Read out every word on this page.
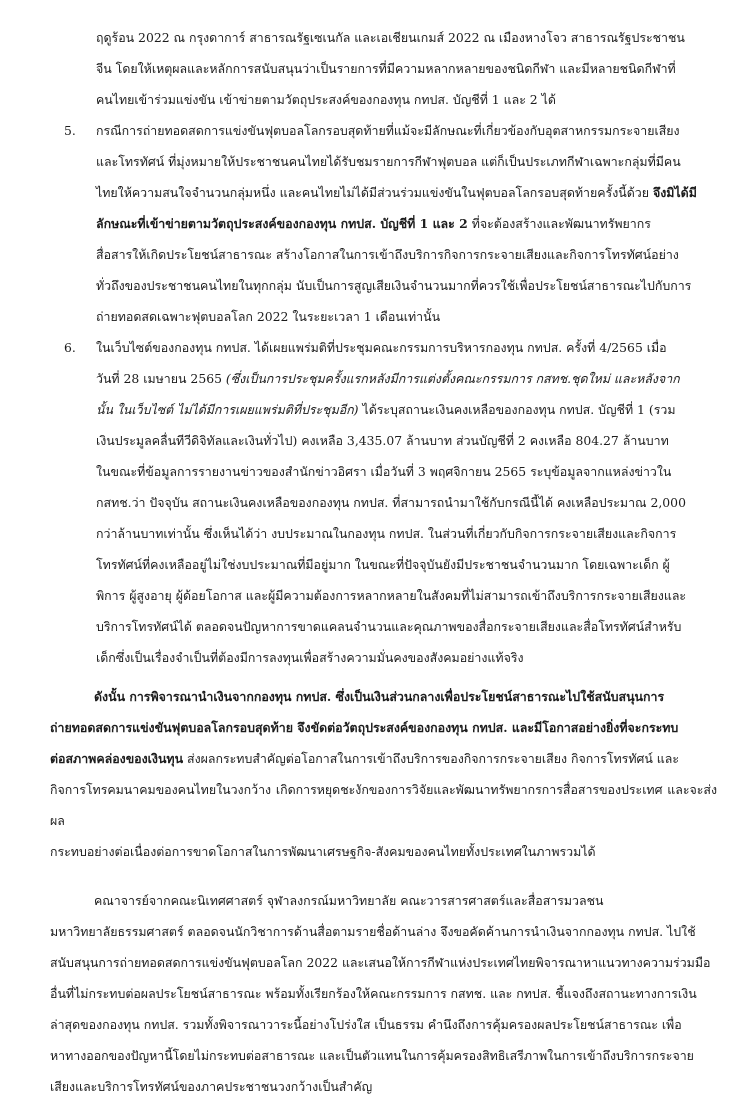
ฤดูร้อน 2022 ณ กรุงดาการ์ สาธารณรัฐเซเนกัล และเอเชียนเกมส์ 2022 ณ เมืองหางโจว สาธารณรัฐประชาชน
จีน โดยให้เหตุผลและหลักการสนับสนุนว่าเป็นรายการที่มีความหลากหลายของชนิดกีฬา และมีหลายชนิดกีฬาที่
คนไทยเข้าร่วมแข่งขัน เข้าข่ายตามวัตถุประสงค์ของกองทุน กทปส. บัญชีที่ 1 และ 2 ได้
5. กรณีการถ่ายทอดสดการแข่งขันฟุตบอลโลกรอบสุดท้ายที่แม้จะมีลักษณะที่เกี่ยวข้องกับอุตสาหกรรมกระจายเสียง
และโทรทัศน์ ที่มุ่งหมายให้ประชาชนคนไทยได้รับชมรายการกีฬาฟุตบอล แต่ก็เป็นประเภทกีฬาเฉพาะกลุ่มที่มีคน
ไทยให้ความสนใจจำนวนกลุ่มหนึ่ง และคนไทยไม่ได้มีส่วนร่วมแข่งขันในฟุตบอลโลกรอบสุดท้ายครั้งนี้ด้วย จึงมิได้มี
ลักษณะที่เข้าข่ายตามวัตถุประสงค์ของกองทุน กทปส. บัญชีที่ 1 และ 2 ที่จะต้องสร้างและพัฒนาทรัพยากร
สื่อสารให้เกิดประโยชน์สาธารณะ สร้างโอกาสในการเข้าถึงบริการกิจการกระจายเสียงและกิจการโทรทัศน์อย่าง
ทั่วถึงของประชาชนคนไทยในทุกกลุ่ม นับเป็นการสูญเสียเงินจำนวนมากที่ควรใช้เพื่อประโยชน์สาธารณะไปกับการ
ถ่ายทอดสดเฉพาะฟุตบอลโลก 2022 ในระยะเวลา 1 เดือนเท่านั้น
6. ในเว็บไซต์ของกองทุน กทปส. ได้เผยแพร่มติที่ประชุมคณะกรรมการบริหารกองทุน กทปส. ครั้งที่ 4/2565 เมื่อ
วันที่ 28 เมษายน 2565 (ซึ่งเป็นการประชุมครั้งแรกหลังมีการแต่งตั้งคณะกรรมการ กสทช.ชุดใหม่ และหลังจาก
นั้น ในเว็บไซต์ ไม่ได้มีการเผยแพร่มติที่ประชุมอีก) ได้ระบุสถานะเงินคงเหลือของกองทุน กทปส. บัญชีที่ 1 (รวม
เงินประมูลคลื่นทีวีดิจิทัลและเงินทั่วไป) คงเหลือ 3,435.07 ล้านบาท ส่วนบัญชีที่ 2 คงเหลือ 804.27 ล้านบาท
ในขณะที่ข้อมูลการรายงานข่าวของสำนักข่าวอิศรา เมื่อวันที่ 3 พฤศจิกายน 2565 ระบุข้อมูลจากแหล่งข่าวใน
กสทช.ว่า ปัจจุบัน สถานะเงินคงเหลือของกองทุน กทปส. ที่สามารถนำมาใช้กับกรณีนี้ได้ คงเหลือประมาณ 2,000
กว่าล้านบาทเท่านั้น ซึ่งเห็นได้ว่า งบประมาณในกองทุน กทปส. ในส่วนที่เกี่ยวกับกิจการกระจายเสียงและกิจการ
โทรทัศน์ที่คงเหลืออยู่ไม่ใช่งบประมาณที่มีอยู่มาก ในขณะที่ปัจจุบันยังมีประชาชนจำนวนมาก โดยเฉพาะเด็ก ผู้
พิการ ผู้สูงอายุ ผู้ด้อยโอกาส และผู้มีความต้องการหลากหลายในสังคมที่ไม่สามารถเข้าถึงบริการกระจายเสียงและ
บริการโทรทัศน์ได้ ตลอดจนปัญหาการขาดแคลนจำนวนและคุณภาพของสื่อกระจายเสียงและสื่อโทรทัศน์สำหรับ
เด็กซึ่งเป็นเรื่องจำเป็นที่ต้องมีการลงทุนเพื่อสร้างความมั่นคงของสังคมอย่างแท้จริง
ดังนั้น การพิจารณานำเงินจากกองทุน กทปส. ซึ่งเป็นเงินส่วนกลางเพื่อประโยชน์สาธารณะไปใช้สนับสนุนการ
ถ่ายทอดสดการแข่งขันฟุตบอลโลกรอบสุดท้าย จึงขัดต่อวัตถุประสงค์ของกองทุน กทปส. และมีโอกาสอย่างยิ่งที่จะกระทบ
ต่อสภาพคล่องของเงินทุน ส่งผลกระทบสำคัญต่อโอกาสในการเข้าถึงบริการของกิจการกระจายเสียง กิจการโทรทัศน์ และ
กิจการโทรคมนาคมของคนไทยในวงกว้าง เกิดการหยุดชะงักของการวิจัยและพัฒนาทรัพยากรการสื่อสารของประเทศ และจะส่งผล
กระทบอย่างต่อเนื่องต่อการขาดโอกาสในการพัฒนาเศรษฐกิจ-สังคมของคนไทยทั้งประเทศในภาพรวมได้
คณาจารย์จากคณะนิเทศศาสตร์ จุฬาลงกรณ์มหาวิทยาลัย คณะวารสารศาสตร์และสื่อสารมวลชน
มหาวิทยาลัยธรรมศาสตร์ ตลอดจนนักวิชาการด้านสื่อตามรายชื่อด้านล่าง จึงขอคัดค้านการนำเงินจากกองทุน กทปส. ไปใช้
สนับสนุนการถ่ายทอดสดการแข่งขันฟุตบอลโลก 2022 และเสนอให้การกีฬาแห่งประเทศไทยพิจารณาหาแนวทางความร่วมมือ
อื่นที่ไม่กระทบต่อผลประโยชน์สาธารณะ พร้อมทั้งเรียกร้องให้คณะกรรมการ กสทช. และ กทปส. ชี้แจงถึงสถานะทางการเงิน
ล่าสุดของกองทุน กทปส. รวมทั้งพิจารณาวาระนี้อย่างโปร่งใส เป็นธรรม คำนึงถึงการคุ้มครองผลประโยชน์สาธารณะ เพื่อ
หาทางออกของปัญหานี้โดยไม่กระทบต่อสาธารณะ และเป็นตัวแทนในการคุ้มครองสิทธิเสรีภาพในการเข้าถึงบริการกระจาย
เสียงและบริการโทรทัศน์ของภาคประชาชนวงกว้างเป็นสำคัญ
